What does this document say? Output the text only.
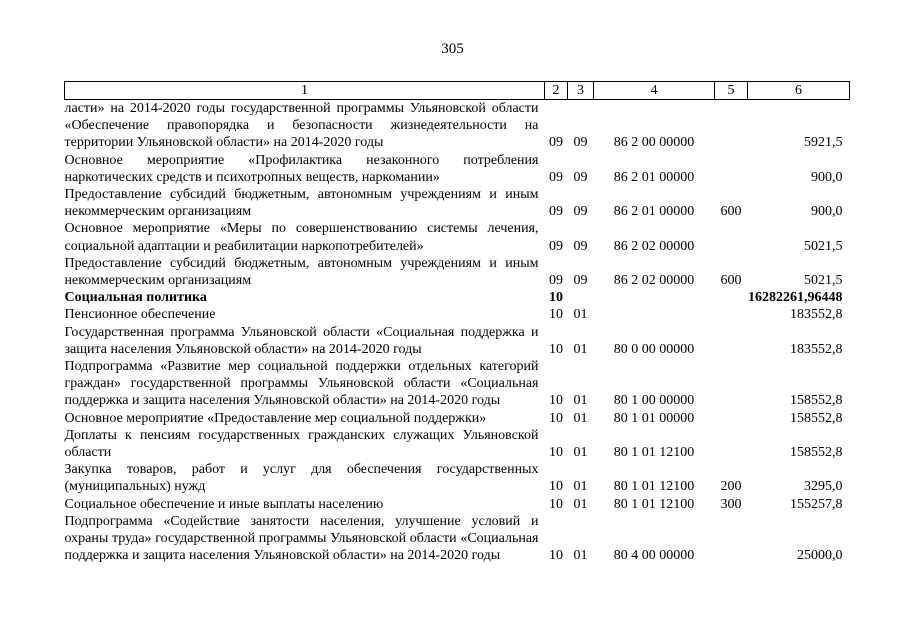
305
1	2	3	4	5	6
ласти» на 2014-2020 годы государственной программы Ульяновской области «Обеспечение правопорядка и безопасности жизнедеятельности на территории Ульяновской области» на 2014-2020 годы	09	09	86 2 00 00000		5921,5
Основное мероприятие «Профилактика незаконного потребления наркотических средств и психотропных веществ, наркомании»	09	09	86 2 01 00000		900,0
Предоставление субсидий бюджетным, автономным учреждениям и иным некоммерческим организациям	09	09	86 2 01 00000	600	900,0
Основное мероприятие «Меры по совершенствованию системы лечения, социальной адаптации и реабилитации наркопотребителей»	09	09	86 2 02 00000		5021,5
Предоставление субсидий бюджетным, автономным учреждениям и иным некоммерческим организациям	09	09	86 2 02 00000	600	5021,5
Социальная политика	10				16282261,96448
Пенсионное обеспечение	10	01			183552,8
Государственная программа Ульяновской области «Социальная поддержка и защита населения Ульяновской области» на 2014-2020 годы	10	01	80 0 00 00000		183552,8
Подпрограмма «Развитие мер социальной поддержки отдельных категорий граждан» государственной программы Ульяновской области «Социальная поддержка и защита населения Ульяновской области» на 2014-2020 годы	10	01	80 1 00 00000		158552,8
Основное мероприятие «Предоставление мер социальной поддержки»	10	01	80 1 01 00000		158552,8
Доплаты к пенсиям государственных гражданских служащих Ульяновской области	10	01	80 1 01 12100		158552,8
Закупка товаров, работ и услуг для обеспечения государственных (муниципальных) нужд	10	01	80 1 01 12100	200	3295,0
Социальное обеспечение и иные выплаты населению	10	01	80 1 01 12100	300	155257,8
Подпрограмма «Содействие занятости населения, улучшение условий и охраны труда» государственной программы Ульяновской области «Социальная поддержка и защита населения Ульяновской области» на 2014-2020 годы	10	01	80 4 00 00000		25000,0
